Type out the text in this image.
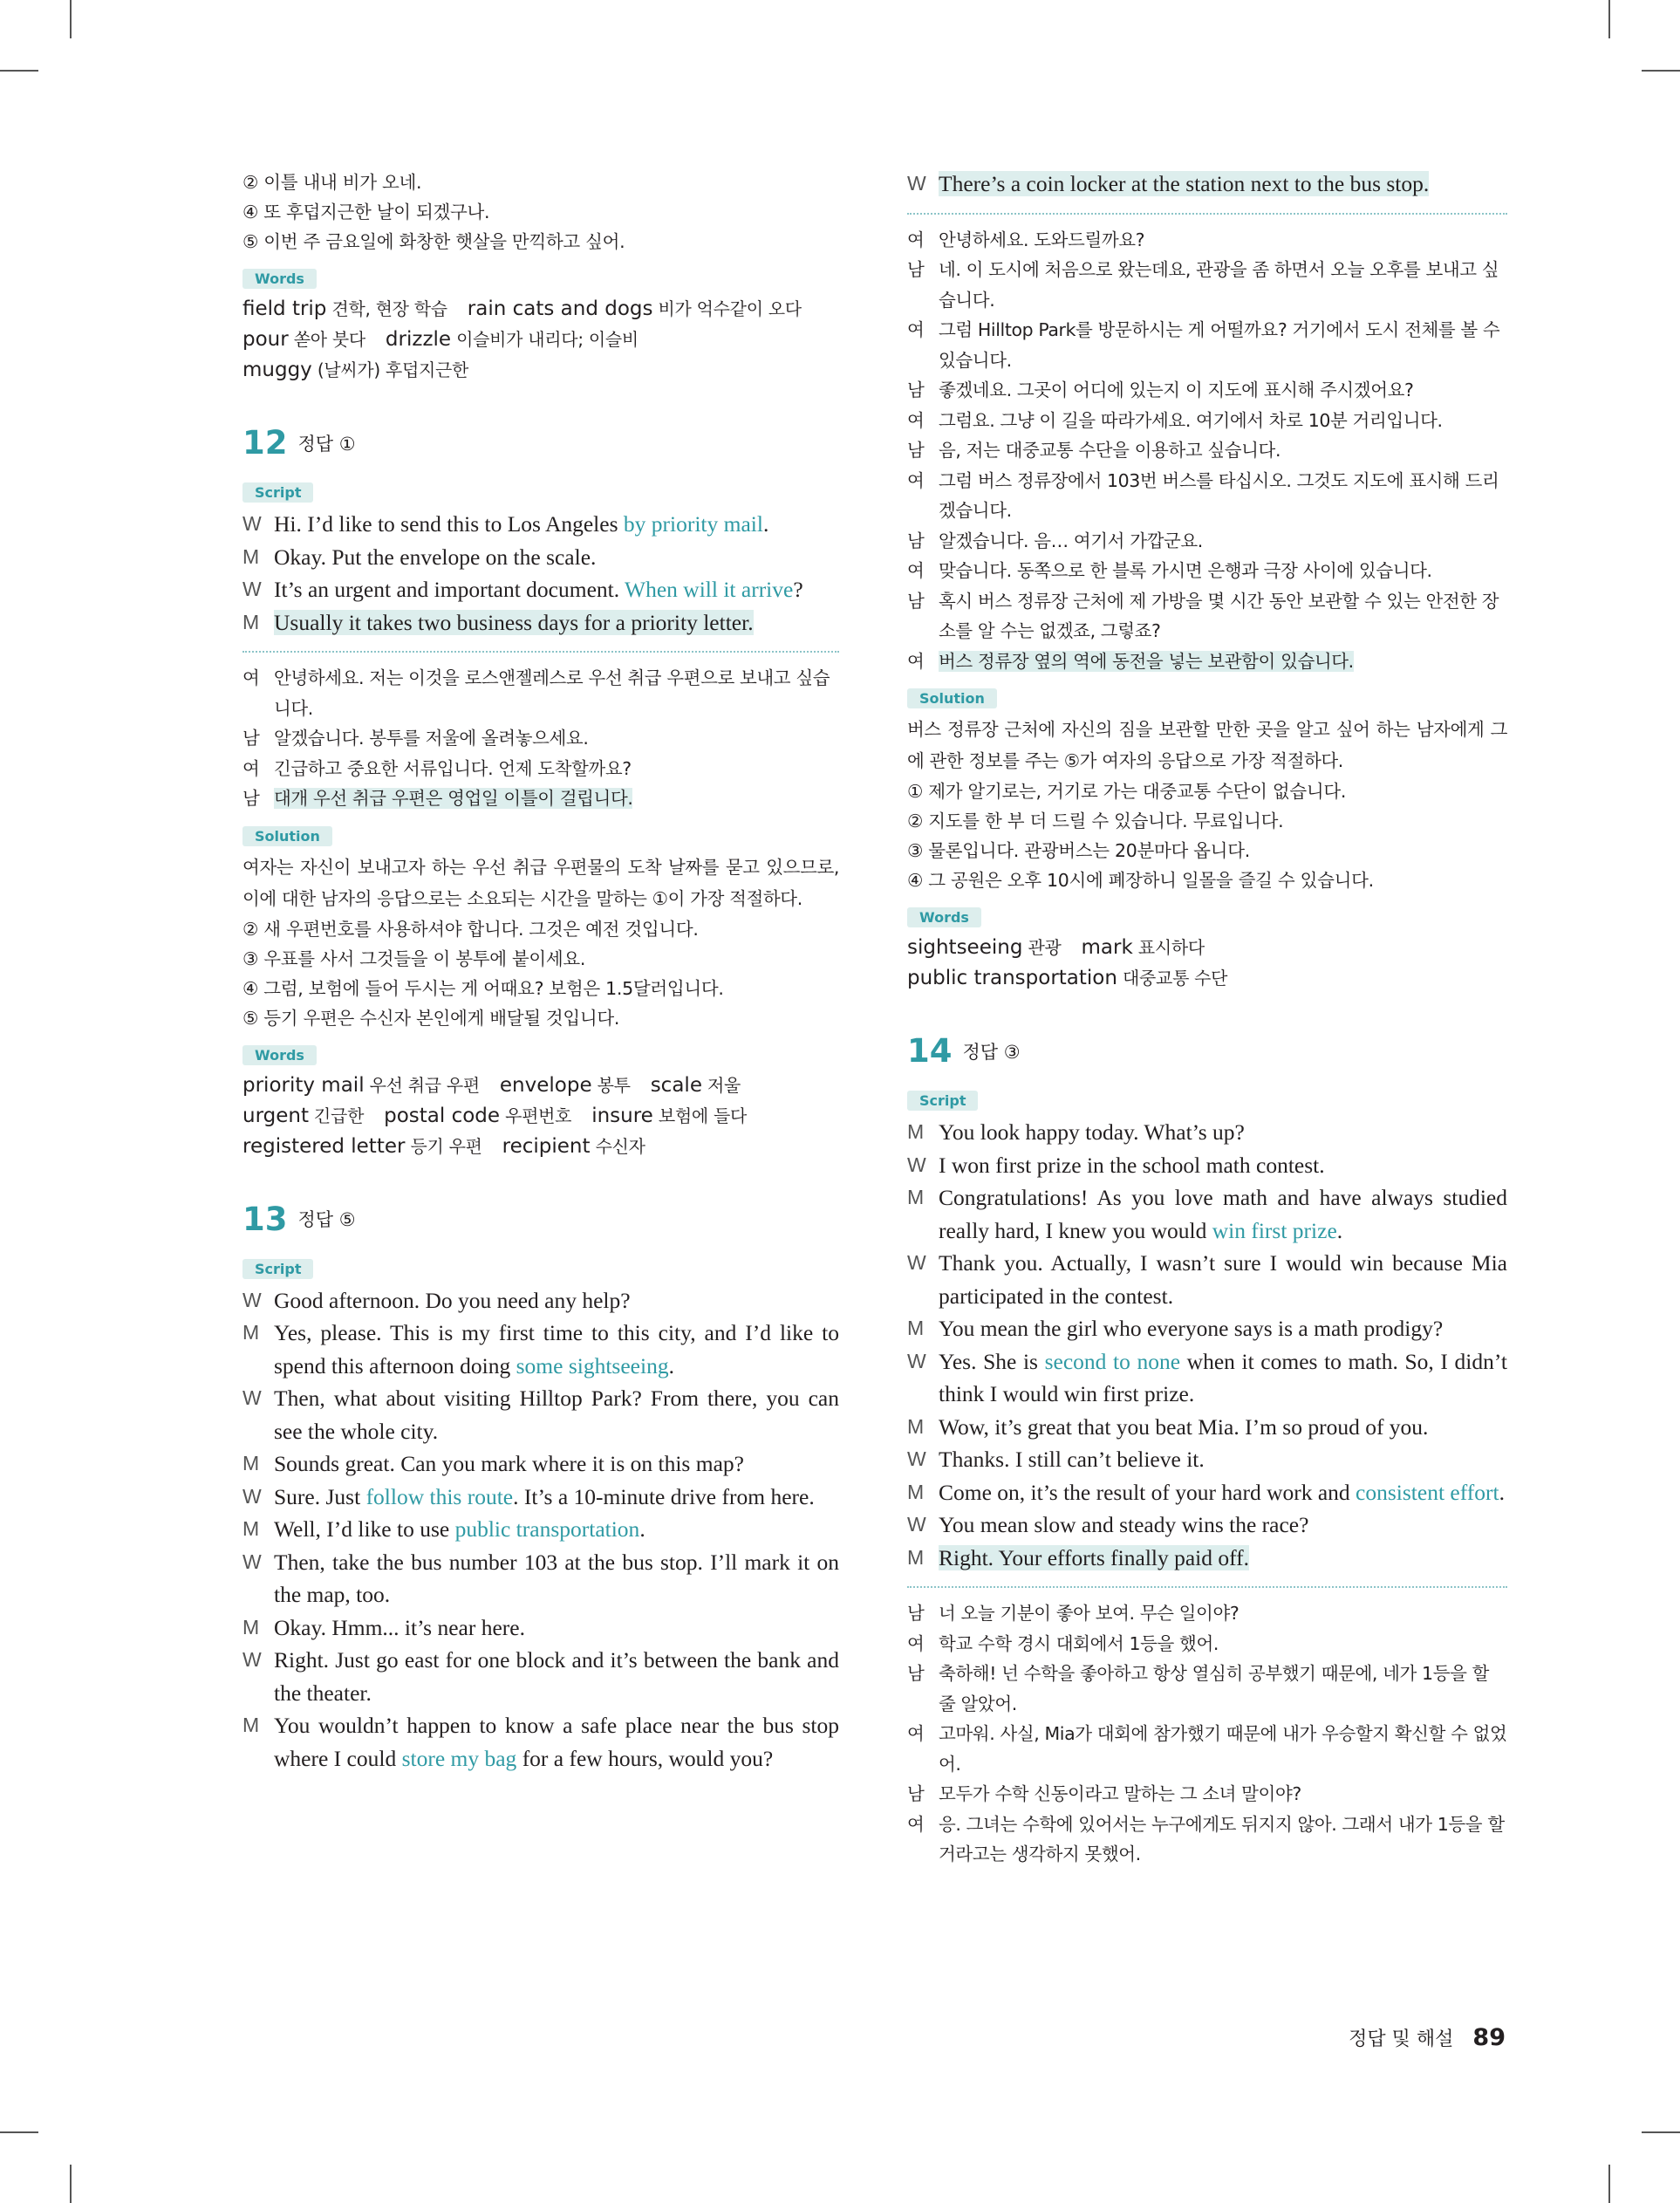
② 이틀 내내 비가 오네.
④ 또 후덥지근한 날이 되겠구나.
⑤ 이번 주 금요일에 화창한 햇살을 만끽하고 싶어.
Words
field trip 견학, 현장 학습  rain cats and dogs 비가 억수같이 오다
pour 쏟아 붓다  drizzle 이슬비가 내리다; 이슬비
muggy (날씨가) 후덥지근한
12 정답 ①
Script
W Hi. I’d like to send this to Los Angeles by priority mail.
M Okay. Put the envelope on the scale.
W It’s an urgent and important document. When will it arrive?
M Usually it takes two business days for a priority letter.
여 안녕하세요. 저는 이것을 로스앤젤레스로 우선 취급 우편으로 보내고 싶습니다.
남 알겠습니다. 봉투를 저울에 올려놓으세요.
여 긴급하고 중요한 서류입니다. 언제 도착할까요?
남 대개 우선 취급 우편은 영업일 이틀이 걸립니다.
Solution
여자는 자신이 보내고자 하는 우선 취급 우편물의 도착 날짜를 묻고 있으므로, 이에 대한 남자의 응답으로는 소요되는 시간을 말하는 ①이 가장 적절하다.
② 새 우편번호를 사용하셔야 합니다. 그것은 예전 것입니다.
③ 우표를 사서 그것들을 이 봉투에 붙이세요.
④ 그럼, 보험에 들어 두시는 게 어때요? 보험은 1.5달러입니다.
⑤ 등기 우편은 수신자 본인에게 배달될 것입니다.
Words
priority mail 우선 취급 우편  envelope 봉투  scale 저울
urgent 긴급한  postal code 우편번호  insure 보험에 들다
registered letter 등기 우편  recipient 수신자
13 정답 ⑤
Script
W Good afternoon. Do you need any help?
M Yes, please. This is my first time to this city, and I’d like to spend this afternoon doing some sightseeing.
W Then, what about visiting Hilltop Park? From there, you can see the whole city.
M Sounds great. Can you mark where it is on this map?
W Sure. Just follow this route. It’s a 10-minute drive from here.
M Well, I’d like to use public transportation.
W Then, take the bus number 103 at the bus stop. I’ll mark it on the map, too.
M Okay. Hmm... it’s near here.
W Right. Just go east for one block and it’s between the bank and the theater.
M You wouldn’t happen to know a safe place near the bus stop where I could store my bag for a few hours, would you?
W There’s a coin locker at the station next to the bus stop.
여 안녕하세요. 도와드릴까요?
남 네. 이 도시에 처음으로 왔는데요, 관광을 좀 하면서 오늘 오후를 보내고 싶습니다.
여 그럼 Hilltop Park를 방문하시는 게 어떨까요? 거기에서 도시 전체를 볼 수 있습니다.
남 좋겠네요. 그곳이 어디에 있는지 이 지도에 표시해 주시겠어요?
여 그럼요. 그냥 이 길을 따라가세요. 여기에서 차로 10분 거리입니다.
남 음, 저는 대중교통 수단을 이용하고 싶습니다.
여 그럼 버스 정류장에서 103번 버스를 타십시오. 그것도 지도에 표시해 드리겠습니다.
남 알겠습니다. 음… 여기서 가깝군요.
여 맞습니다. 동쪽으로 한 블록 가시면 은행과 극장 사이에 있습니다.
남 혹시 버스 정류장 근처에 제 가방을 몇 시간 동안 보관할 수 있는 안전한 장소를 알 수는 없겠죠, 그렇죠?
여 버스 정류장 옆의 역에 동전을 넣는 보관함이 있습니다.
Solution
버스 정류장 근처에 자신의 짐을 보관할 만한 곳을 알고 싶어 하는 남자에게 그에 관한 정보를 주는 ⑤가 여자의 응답으로 가장 적절하다.
① 제가 알기로는, 거기로 가는 대중교통 수단이 없습니다.
② 지도를 한 부 더 드릴 수 있습니다. 무료입니다.
③ 물론입니다. 관광버스는 20분마다 옵니다.
④ 그 공원은 오후 10시에 폐장하니 일몰을 즐길 수 있습니다.
Words
sightseeing 관광  mark 표시하다
public transportation 대중교통 수단
14 정답 ③
Script
M You look happy today. What’s up?
W I won first prize in the school math contest.
M Congratulations! As you love math and have always studied really hard, I knew you would win first prize.
W Thank you. Actually, I wasn’t sure I would win because Mia participated in the contest.
M You mean the girl who everyone says is a math prodigy?
W Yes. She is second to none when it comes to math. So, I didn’t think I would win first prize.
M Wow, it’s great that you beat Mia. I’m so proud of you.
W Thanks. I still can’t believe it.
M Come on, it’s the result of your hard work and consistent effort.
W You mean slow and steady wins the race?
M Right. Your efforts finally paid off.
남 너 오늘 기분이 좋아 보여. 무슨 일이야?
여 학교 수학 경시 대회에서 1등을 했어.
남 축하해! 넌 수학을 좋아하고 항상 열심히 공부했기 때문에, 네가 1등을 할 줄 알았어.
여 고마워. 사실, Mia가 대회에 참가했기 때문에 내가 우승할지 확신할 수 없었어.
남 모두가 수학 신동이라고 말하는 그 소녀 말이야?
여 응. 그녀는 수학에 있어서는 누구에게도 뒤지지 않아. 그래서 내가 1등을 할 거라고는 생각하지 못했어.
정답 및 해설 89
